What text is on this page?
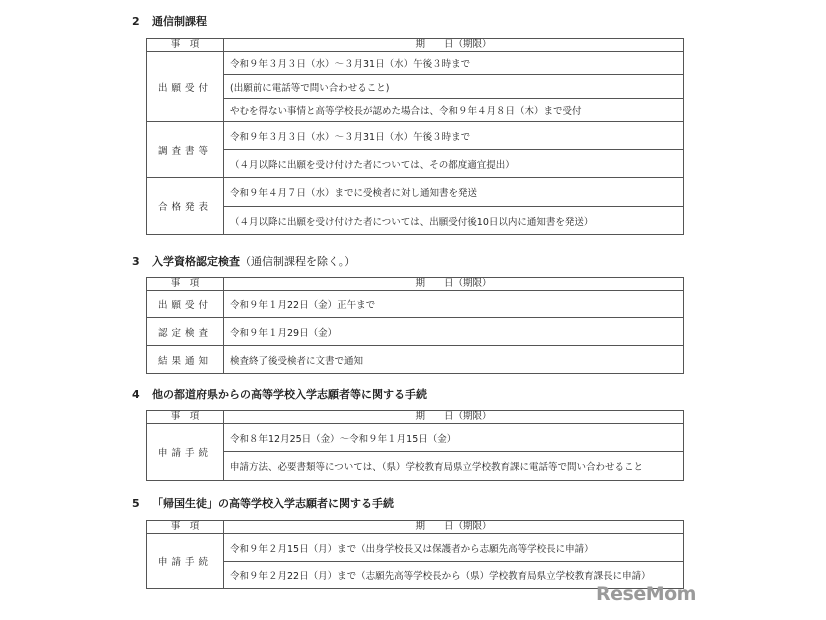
2 通信制課程
事　項	期　　日（期限）
出願受付	令和９年３月３日（水）～３月31日（水）午後３時まで
(出願前に電話等で問い合わせること)
やむを得ない事情と高等学校長が認めた場合は、令和９年４月８日（木）まで受付

調査書等	令和９年３月３日（水）～３月31日（水）午後３時まで
（４月以降に出願を受け付けた者については、その都度適宜提出）

合格発表	令和９年４月７日（水）までに受検者に対し通知書を発送
（４月以降に出願を受け付けた者については、出願受付後10日以内に通知書を発送）
3 入学資格認定検査（通信制課程を除く。）
事　項	期　　日（期限）
出願受付	令和９年１月22日（金）正午まで
認定検査	令和９年１月29日（金）
結果通知	検査終了後受検者に文書で通知
4 他の都道府県からの高等学校入学志願者等に関する手続
事　項	期　　日（期限）
申請手続	令和８年12月25日（金）～令和９年１月15日（金）
申請方法、必要書類等については、（県）学校教育局県立学校教育課に電話等で問い合わせること
5 「帰国生徒」の高等学校入学志願者に関する手続
事　項	期　　日（期限）
申請手続	令和９年２月15日（月）まで（出身学校長又は保護者から志願先高等学校長に申請）
令和９年２月22日（月）まで（志願先高等学校長から（県）学校教育局県立学校教育課長に申請）
ReseMom
